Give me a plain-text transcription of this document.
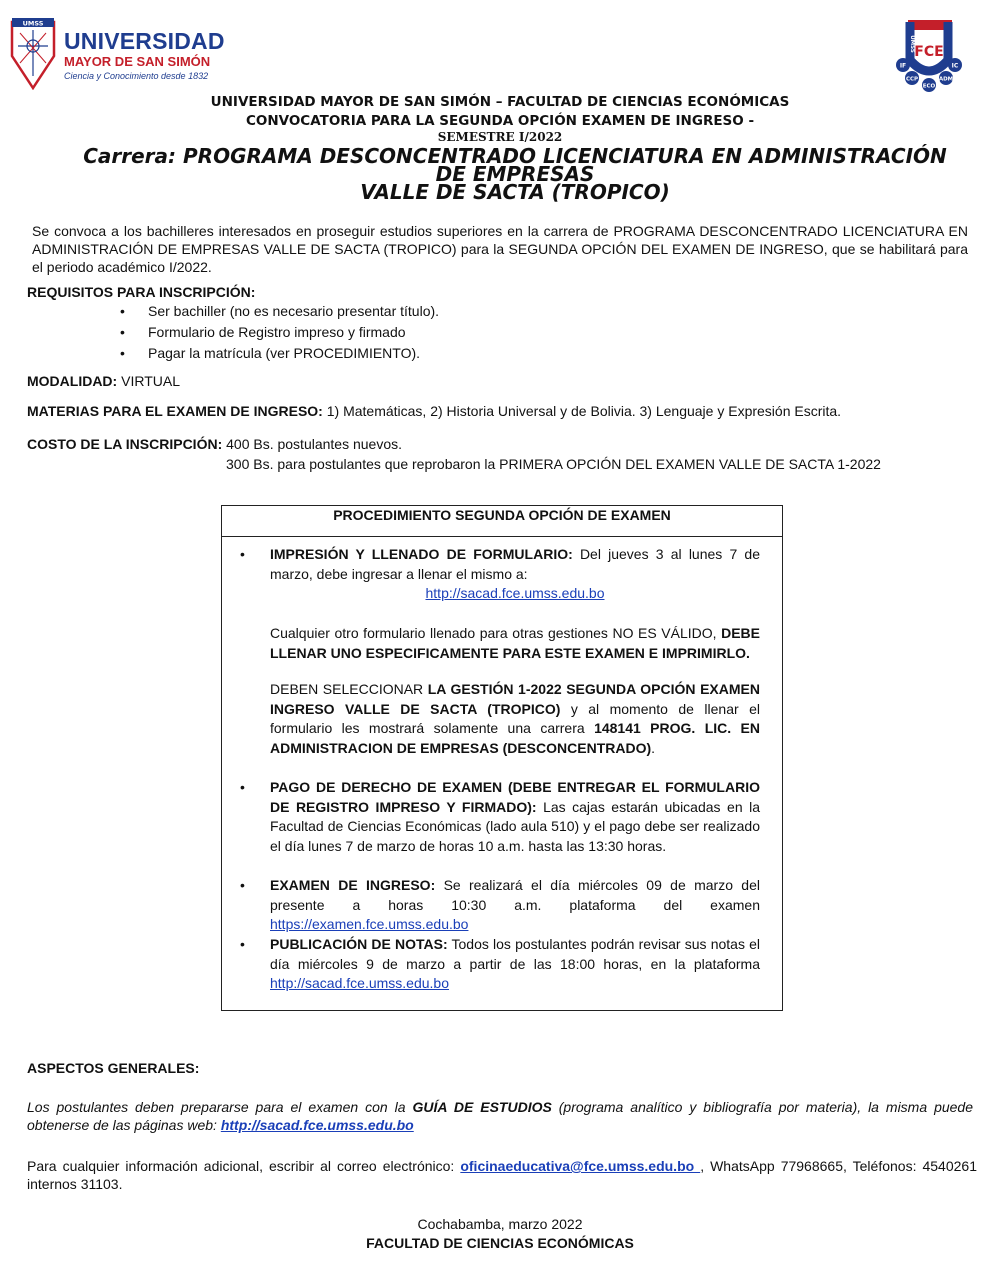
UMSS
UNIVERSIDAD
MAYOR DE SAN SIMÓN
Ciencia y Conocimiento desde 1832
FCE
UMSS
IF	IC
CCP	ADM
ECO
UNIVERSIDAD MAYOR DE SAN SIMÓN – FACULTAD DE CIENCIAS ECONÓMICAS
CONVOCATORIA PARA LA SEGUNDA OPCIÓN EXAMEN DE INGRESO -
SEMESTRE I/2022
Carrera: PROGRAMA DESCONCENTRADO LICENCIATURA EN ADMINISTRACIÓN
DE EMPRESAS
VALLE DE SACTA (TROPICO)
Se convoca a los bachilleres interesados en proseguir estudios superiores en la carrera de PROGRAMA DESCONCENTRADO LICENCIATURA EN ADMINISTRACIÓN DE EMPRESAS VALLE DE SACTA (TROPICO) para la SEGUNDA OPCIÓN DEL EXAMEN DE INGRESO, que se habilitará para el periodo académico I/2022.
REQUISITOS PARA INSCRIPCIÓN:
• Ser bachiller (no es necesario presentar título).
• Formulario de Registro impreso y firmado
• Pagar la matrícula (ver PROCEDIMIENTO).
MODALIDAD: VIRTUAL
MATERIAS PARA EL EXAMEN DE INGRESO: 1) Matemáticas, 2) Historia Universal y de Bolivia. 3) Lenguaje y Expresión Escrita.
COSTO DE LA INSCRIPCIÓN: 400 Bs. postulantes nuevos.
300 Bs. para postulantes que reprobaron la PRIMERA OPCIÓN DEL EXAMEN VALLE DE SACTA 1-2022
PROCEDIMIENTO SEGUNDA OPCIÓN DE EXAMEN
• IMPRESIÓN Y LLENADO DE FORMULARIO: Del jueves 3 al lunes 7 de marzo, debe ingresar a llenar el mismo a:
http://sacad.fce.umss.edu.bo
Cualquier otro formulario llenado para otras gestiones NO ES VÁLIDO, DEBE LLENAR UNO ESPECIFICAMENTE PARA ESTE EXAMEN E IMPRIMIRLO.
DEBEN SELECCIONAR LA GESTIÓN 1-2022 SEGUNDA OPCIÓN EXAMEN INGRESO VALLE DE SACTA (TROPICO) y al momento de llenar el formulario les mostrará solamente una carrera 148141 PROG. LIC. EN ADMINISTRACION DE EMPRESAS (DESCONCENTRADO).
• PAGO DE DERECHO DE EXAMEN (DEBE ENTREGAR EL FORMULARIO DE REGISTRO IMPRESO Y FIRMADO): Las cajas estarán ubicadas en la Facultad de Ciencias Económicas (lado aula 510) y el pago debe ser realizado el día lunes 7 de marzo de horas 10 a.m. hasta las 13:30 horas.
• EXAMEN DE INGRESO: Se realizará el día miércoles 09 de marzo del presente a horas 10:30 a.m. plataforma del examen https://examen.fce.umss.edu.bo
• PUBLICACIÓN DE NOTAS: Todos los postulantes podrán revisar sus notas el día miércoles 9 de marzo a partir de las 18:00 horas, en la plataforma http://sacad.fce.umss.edu.bo
ASPECTOS GENERALES:
Los postulantes deben prepararse para el examen con la GUÍA DE ESTUDIOS (programa analítico y bibliografía por materia), la misma puede obtenerse de las páginas web: http://sacad.fce.umss.edu.bo
Para cualquier información adicional, escribir al correo electrónico: oficinaeducativa@fce.umss.edu.bo , WhatsApp 77968665, Teléfonos: 4540261 internos 31103.
Cochabamba, marzo 2022
FACULTAD DE CIENCIAS ECONÓMICAS
